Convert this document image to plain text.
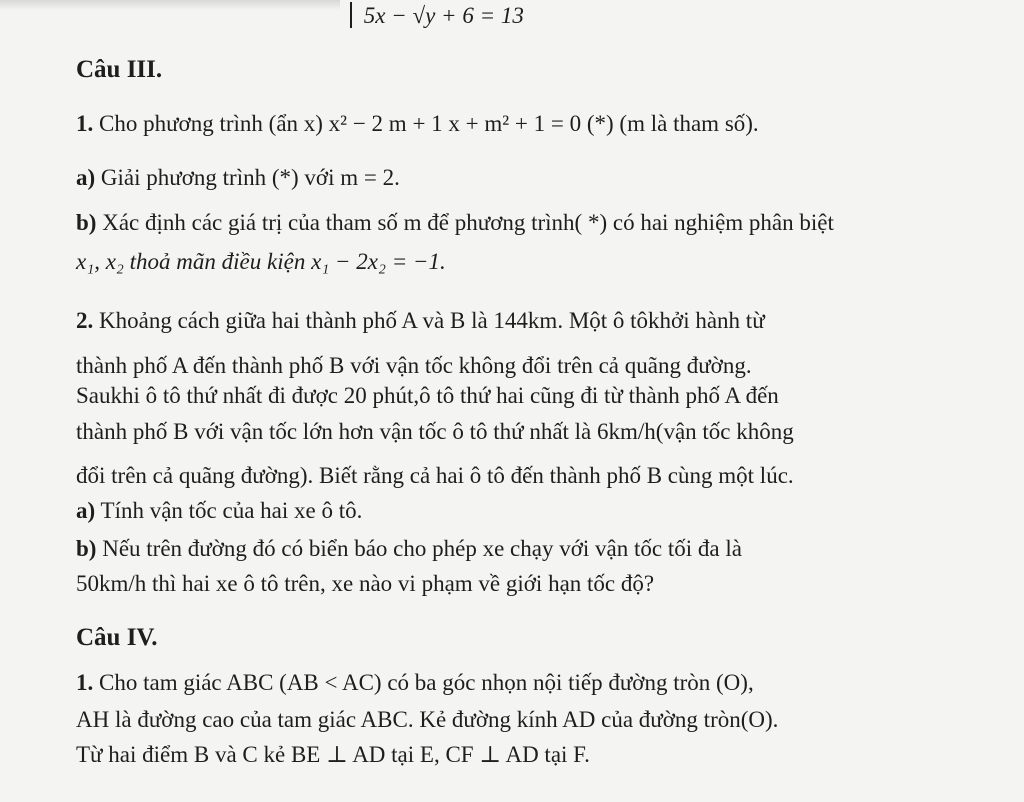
5x − √y + 6 = 13
Câu III.
1. Cho phương trình (ẩn x) x² − 2 m + 1 x + m² + 1 = 0 (*) (m là tham số).
a) Giải phương trình (*) với m = 2.
b) Xác định các giá trị của tham số m để phương trình( *) có hai nghiệm phân biệt
x₁, x₂ thoả mãn điều kiện x₁ − 2x₂ = −1.
2. Khoảng cách giữa hai thành phố A và B là 144km. Một ô tôkhởi hành từ
thành phố A đến thành phố B với vận tốc không đổi trên cả quãng đường.
Saukhi ô tô thứ nhất đi được 20 phút,ô tô thứ hai cũng đi từ thành phố A đến
thành phố B với vận tốc lớn hơn vận tốc ô tô thứ nhất là 6km/h(vận tốc không
đổi trên cả quãng đường). Biết rằng cả hai ô tô đến thành phố B cùng một lúc.
a) Tính vận tốc của hai xe ô tô.
b) Nếu trên đường đó có biển báo cho phép xe chạy với vận tốc tối đa là
50km/h thì hai xe ô tô trên, xe nào vi phạm về giới hạn tốc độ?
Câu IV.
1. Cho tam giác ABC (AB < AC) có ba góc nhọn nội tiếp đường tròn (O),
AH là đường cao của tam giác ABC. Kẻ đường kính AD của đường tròn(O).
Từ hai điểm B và C kẻ BE ⊥ AD tại E, CF ⊥ AD tại F.
